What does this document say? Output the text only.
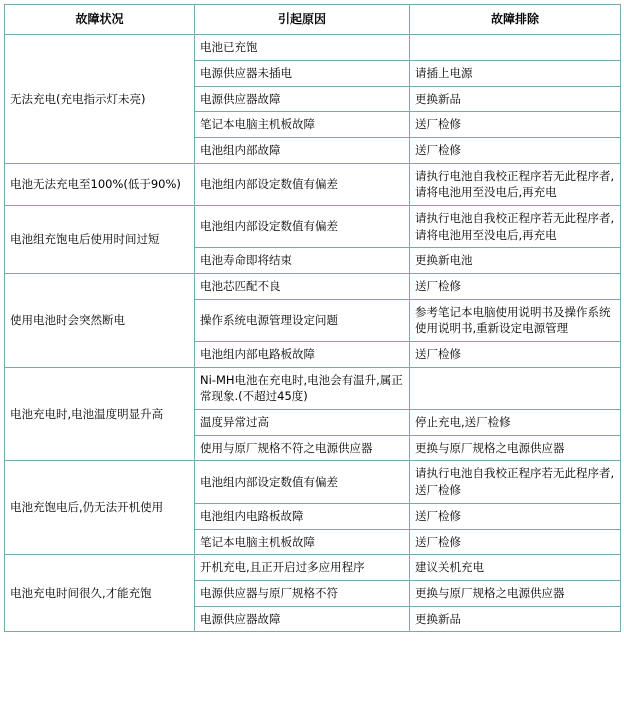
故障状况	引起原因	故障排除
无法充电(充电指示灯未亮)	电池已充饱	
	电源供应器未插电	请插上电源
	电源供应器故障	更换新品
	笔记本电脑主机板故障	送厂检修
	电池组内部故障	送厂检修
电池无法充电至100%(低于90%)	电池组内部设定数值有偏差	请执行电池自我校正程序若无此程序者,请将电池用至没电后,再充电
电池组充饱电后使用时间过短	电池组内部设定数值有偏差	请执行电池自我校正程序若无此程序者,请将电池用至没电后,再充电
	电池寿命即将结束	更换新电池
使用电池时会突然断电	电池芯匹配不良	送厂检修
	操作系统电源管理设定问题	参考笔记本电脑使用说明书及操作系统使用说明书,重新设定电源管理
	电池组内部电路板故障	送厂检修
电池充电时,电池温度明显升高	Ni-MH电池在充电时,电池会有温升,属正常现象.(不超过45度)	
	温度异常过高	停止充电,送厂检修
	使用与原厂规格不符之电源供应器	更换与原厂规格之电源供应器
电池充饱电后,仍无法开机使用	电池组内部设定数值有偏差	请执行电池自我校正程序若无此程序者,送厂检修
	电池组内电路板故障	送厂检修
	笔记本电脑主机板故障	送厂检修
电池充电时间很久,才能充饱	开机充电,且正开启过多应用程序	建议关机充电
	电源供应器与原厂规格不符	更换与原厂规格之电源供应器
	电源供应器故障	更换新品
